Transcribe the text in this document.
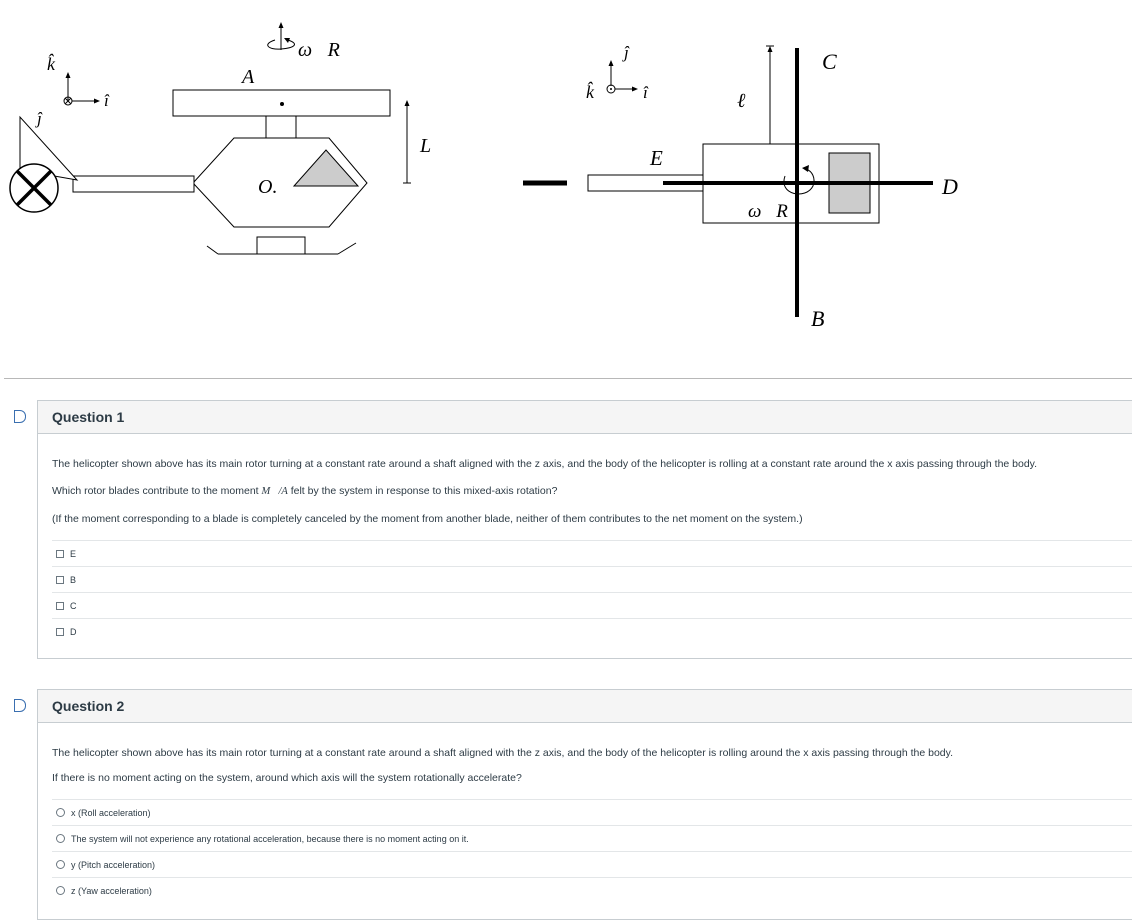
k̂
î
ĵ
ω⃗R
A
O.
L
ĵ
k̂	î	ℓ
C
E
D
B
ω⃗R
Question 1

The helicopter shown above has its main rotor turning at a constant rate around a shaft aligned with the z axis, and the body of the helicopter is rolling at a constant rate around the x axis passing through the body.

Which rotor blades contribute to the moment M⃗/A felt by the system in response to this mixed-axis rotation?

(If the moment corresponding to a blade is completely canceled by the moment from another blade, neither of them contributes to the net moment on the system.)

E
B
C
D
Question 2

The helicopter shown above has its main rotor turning at a constant rate around a shaft aligned with the z axis, and the body of the helicopter is rolling around the x axis passing through the body.

If there is no moment acting on the system, around which axis will the system rotationally accelerate?

x (Roll acceleration)
The system will not experience any rotational acceleration, because there is no moment acting on it.
y (Pitch acceleration)
z (Yaw acceleration)
